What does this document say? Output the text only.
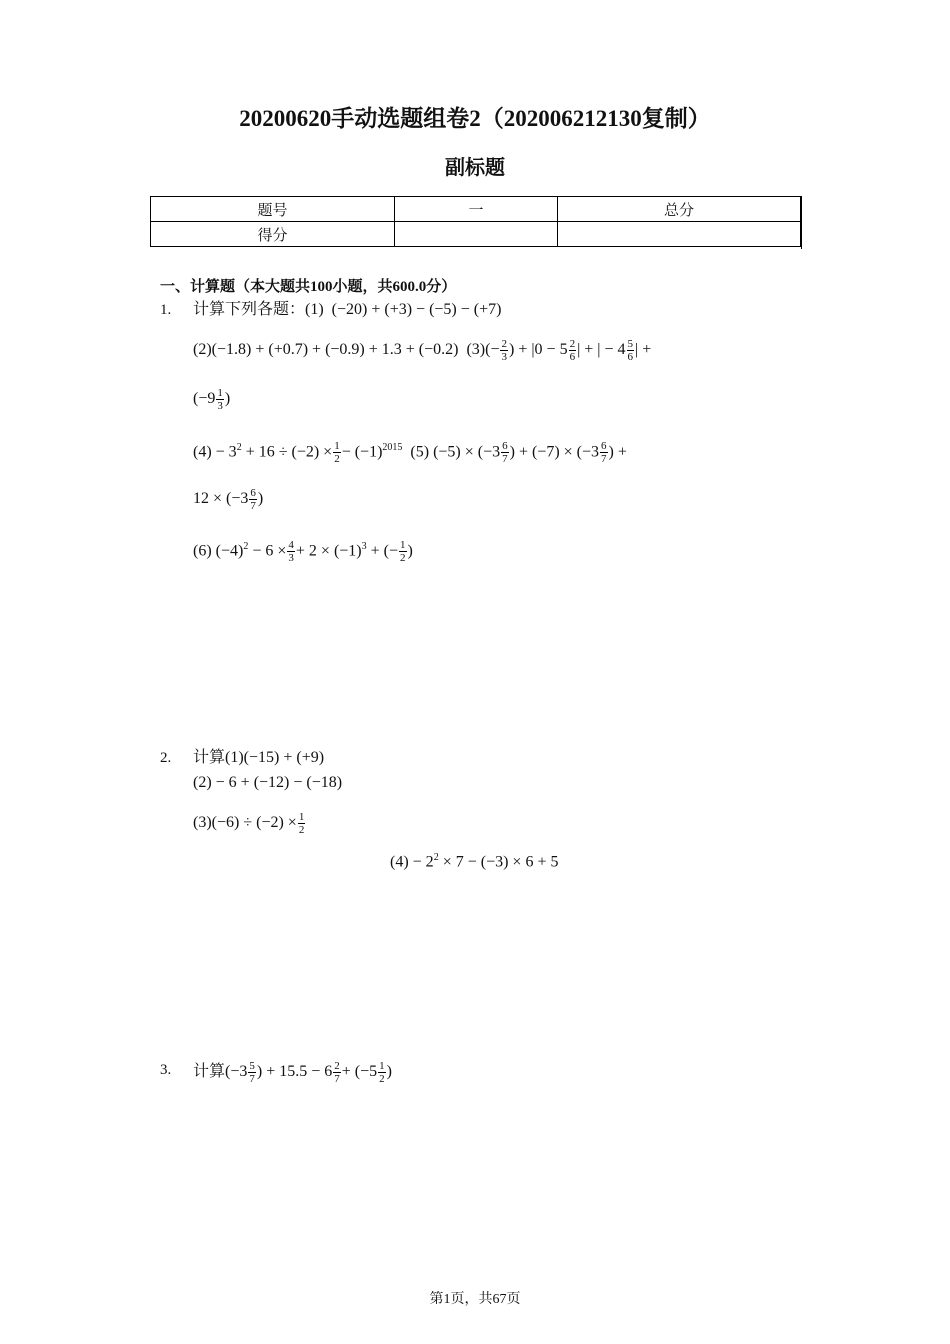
20200620手动选题组卷2（202006212130复制）
副标题
题号	一	总分
得分		
一、计算题（本大题共100小题，共600.0分）
1. 计算下列各题：(1) (−20) + (+3) − (−5) − (+7)
(2)(−1.8) + (+0.7) + (−0.9) + 1.3 + (−0.2) $(3)(- \frac{2}{3}$ ) + $|0 - 5 \frac{2}{6}$ | + | − $4 \frac{5}{6}$ | +
($-9 \frac{1}{3}$ )
$(4) - 3^2 + 16 \div (-2) \times \frac{1}{2} - (-1)^{2015}$ (5) $(-5) \times (-3 \frac{6}{7}$ ) + $(-7) \times (-3 \frac{6}{7}$ ) +
$12 \times (-3 \frac{6}{7}$ )
(6) $(-4)^2 - 6 \times \frac{4}{3} + 2 \times (-1)^3$ + (− $\frac{1}{2}$ )
2. 计算(1)(−15) + (+9)
(2) − 6 + (−12) − (−18)
$(3)(-6) \div (-2) \times \frac{1}{2}$
$(4) - 2^2 \times 7 - (-3) \times 6 + 5$
3. 计算($-3 \frac{5}{7}$ ) + $15.5 - 6 \frac{2}{7} + (-5 \frac{1}{2}$ )
第1页，共67页
